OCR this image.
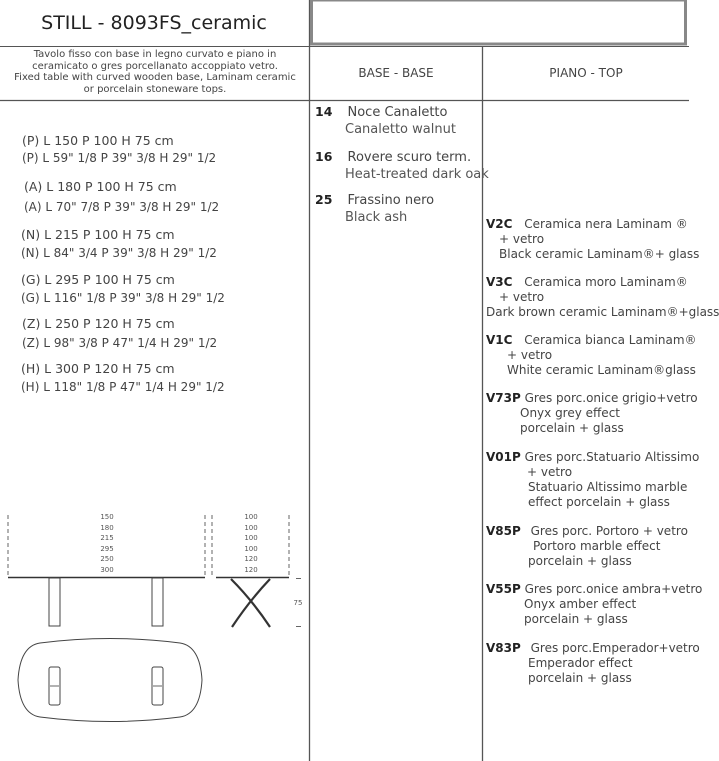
STILL - 8093FS_ceramic
Tavolo fisso con base in legno curvato e piano in
ceramicato o gres porcellanato accoppiato vetro.
Fixed table with curved wooden base, Laminam ceramic
or porcelain stoneware tops.
BASE - BASE	PIANO - TOP
(P) L 150 P 100 H 75 cm
(P) L 59" 1/8 P 39" 3/8 H 29" 1/2
(A) L 180 P 100 H 75 cm
(A) L 70" 7/8 P 39" 3/8 H 29" 1/2
(N) L 215 P 100 H 75 cm
(N) L 84" 3/4 P 39" 3/8 H 29" 1/2
(G) L 295 P 100 H 75 cm
(G) L 116" 1/8 P 39" 3/8 H 29" 1/2
(Z) L 250 P 120 H 75 cm
(Z) L 98" 3/8 P 47" 1/4 H 29" 1/2
(H) L 300 P 120 H 75 cm
(H) L 118" 1/8 P 47" 1/4 H 29" 1/2
14 Noce Canaletto
Canaletto walnut
16 Rovere scuro term.
Heat-treated dark oak
25 Frassino nero
Black ash	V2C Ceramica nera Laminam ®
+ vetro
Black ceramic Laminam®+ glass
V3C Ceramica moro Laminam®
+ vetro
Dark brown ceramic Laminam®+glass
V1C Ceramica bianca Laminam®
+ vetro
White ceramic Laminam®glass
V73P Gres porc.onice grigio+vetro
Onyx grey effect
porcelain + glass
V01P Gres porc.Statuario Altissimo
+ vetro
Statuario Altissimo marble
effect porcelain + glass
V85P Gres porc. Portoro + vetro
Portoro marble effect
porcelain + glass
V55P Gres porc.onice ambra+vetro
Onyx amber effect
porcelain + glass
V83P Gres porc.Emperador+vetro
Emperador effect
porcelain + glass
150
180
215
295
250
300
100
100
100
100
120
120
75
